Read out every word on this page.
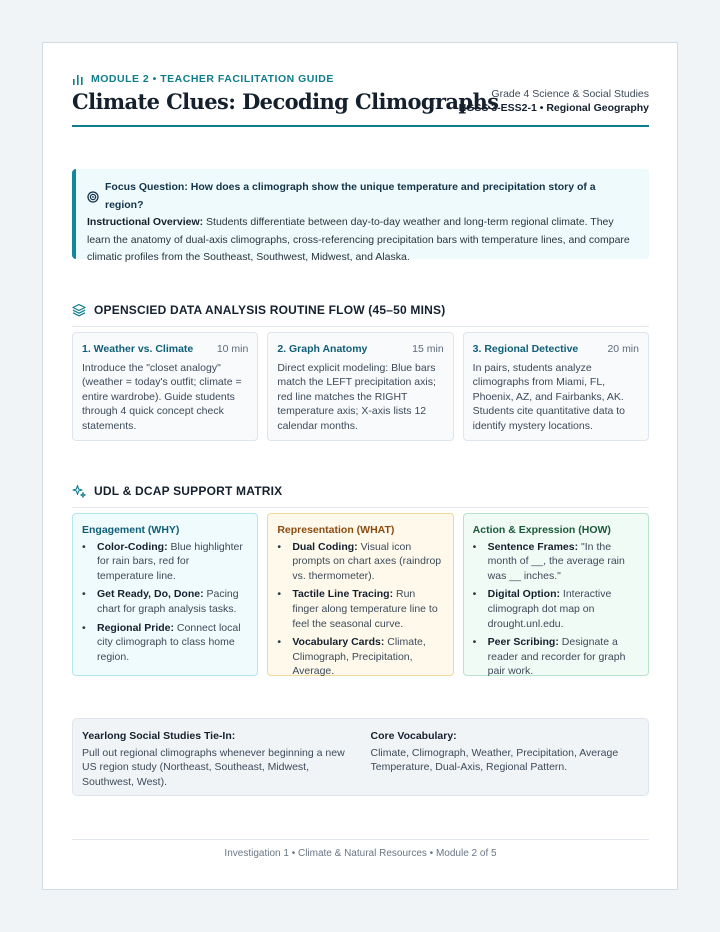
MODULE 2 • TEACHER FACILITATION GUIDE
Climate Clues: Decoding Climographs
Grade 4 Science & Social Studies
NGSS 3-ESS2-1 • Regional Geography
Focus Question: How does a climograph show the unique temperature and precipitation story of a region?
Instructional Overview: Students differentiate between day-to-day weather and long-term regional climate. They learn the anatomy of dual-axis climographs, cross-referencing precipitation bars with temperature lines, and compare climatic profiles from the Southeast, Southwest, Midwest, and Alaska.
OPENSCIED DATA ANALYSIS ROUTINE FLOW (45–50 MINS)
1. Weather vs. Climate 10 min
Introduce the "closet analogy" (weather = today's outfit; climate = entire wardrobe). Guide students through 4 quick concept check statements.
2. Graph Anatomy	15 min
Direct explicit modeling: Blue bars match the LEFT precipitation axis; red line matches the RIGHT temperature axis; X-axis lists 12 calendar months.
3. Regional Detective	20 min
In pairs, students analyze climographs from Miami, FL, Phoenix, AZ, and Fairbanks, AK. Students cite quantitative data to identify mystery locations.
UDL & DCAP SUPPORT MATRIX
Engagement (WHY)
• Color-Coding: Blue highlighter for rain bars, red for temperature line.
• Get Ready, Do, Done: Pacing chart for graph analysis tasks.
• Regional Pride: Connect local city climograph to class home region.
Representation (WHAT)
• Dual Coding: Visual icon prompts on chart axes (raindrop vs. thermometer).
• Tactile Line Tracing: Run finger along temperature line to feel the seasonal curve.
• Vocabulary Cards: Climate, Climograph, Precipitation, Average.
Action & Expression (HOW)
• Sentence Frames: "In the month of __, the average rain was __ inches."
• Digital Option: Interactive climograph dot map on drought.unl.edu.
• Peer Scribing: Designate a reader and recorder for graph pair work.
Yearlong Social Studies Tie-In:
Pull out regional climographs whenever beginning a new US region study (Northeast, Southeast, Midwest, Southwest, West).
Core Vocabulary:
Climate, Climograph, Weather, Precipitation, Average Temperature, Dual-Axis, Regional Pattern.
Investigation 1 • Climate & Natural Resources • Module 2 of 5
